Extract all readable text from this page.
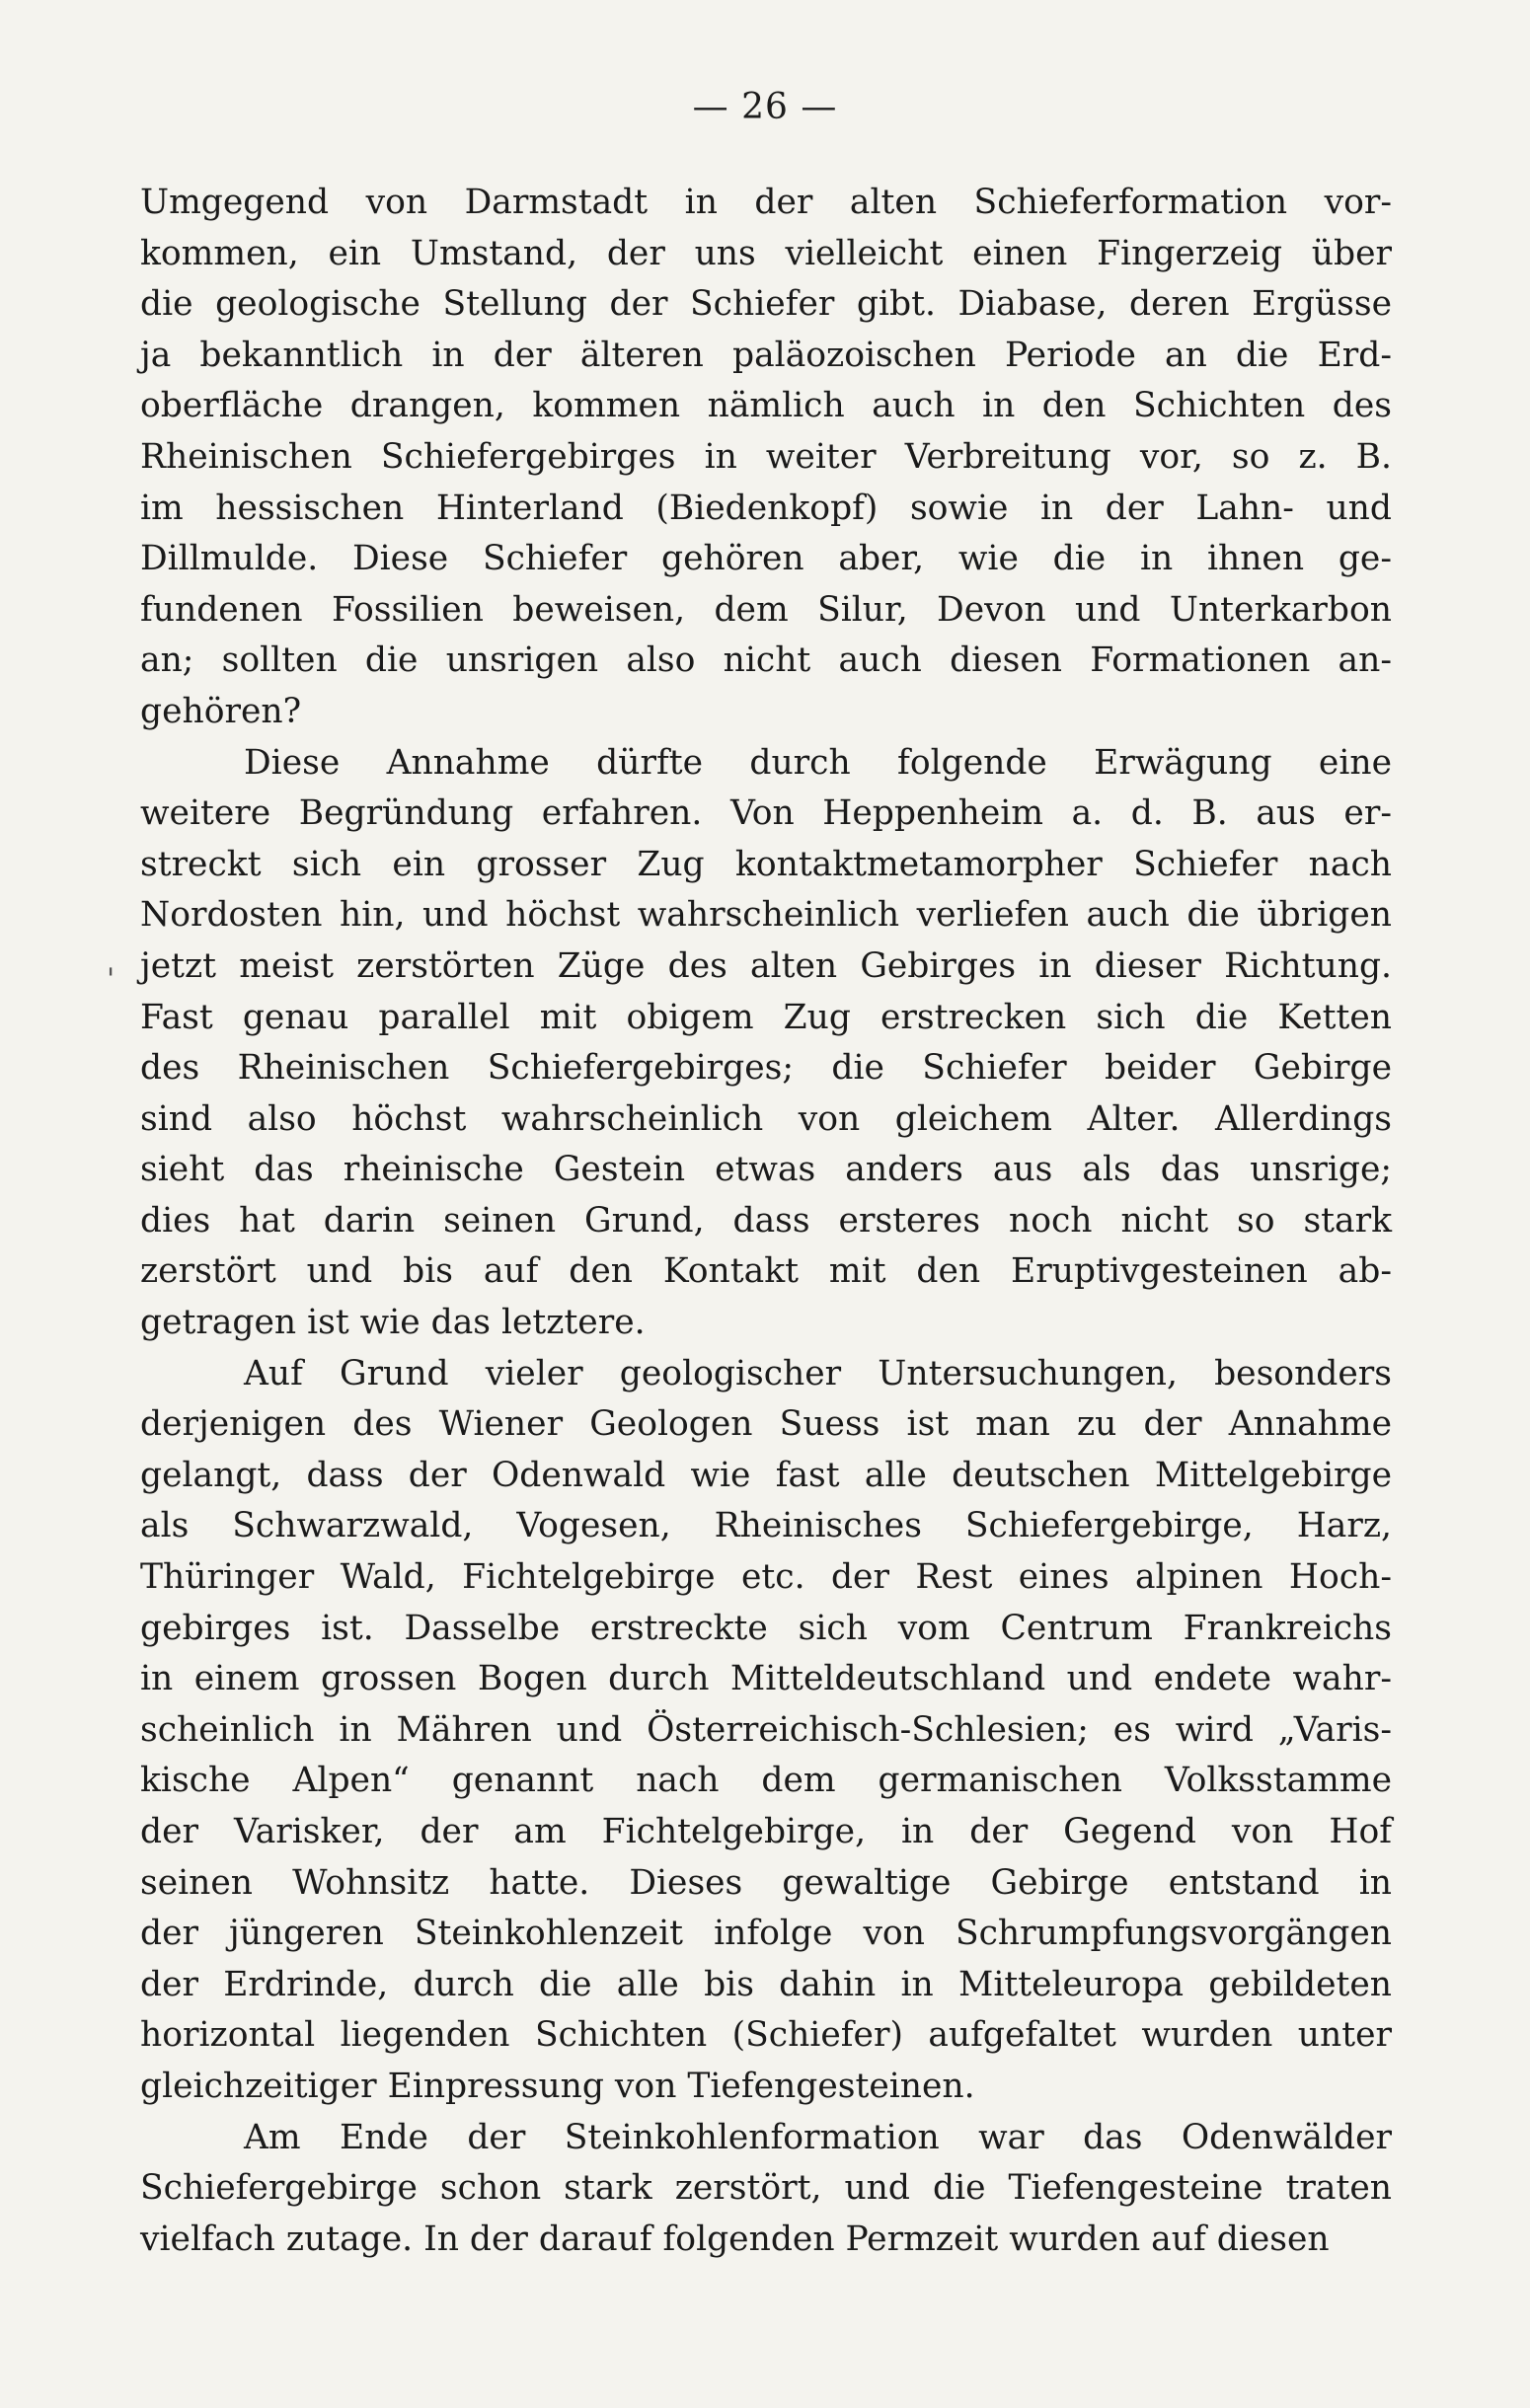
— 26 —
'
Umgegend von Darmstadt in der alten Schieferformation vor-
kommen, ein Umstand, der uns vielleicht einen Fingerzeig über
die geologische Stellung der Schiefer gibt. Diabase, deren Ergüsse
ja bekanntlich in der älteren paläozoischen Periode an die Erd-
oberfläche drangen, kommen nämlich auch in den Schichten des
Rheinischen Schiefergebirges in weiter Verbreitung vor, so z. B.
im hessischen Hinterland (Biedenkopf) sowie in der Lahn- und
Dillmulde. Diese Schiefer gehören aber, wie die in ihnen ge-
fundenen Fossilien beweisen, dem Silur, Devon und Unterkarbon
an; sollten die unsrigen also nicht auch diesen Formationen an-
gehören?
Diese Annahme dürfte durch folgende Erwägung eine
weitere Begründung erfahren. Von Heppenheim a. d. B. aus er-
streckt sich ein grosser Zug kontaktmetamorpher Schiefer nach
Nordosten hin, und höchst wahrscheinlich verliefen auch die übrigen
jetzt meist zerstörten Züge des alten Gebirges in dieser Richtung.
Fast genau parallel mit obigem Zug erstrecken sich die Ketten
des Rheinischen Schiefergebirges; die Schiefer beider Gebirge
sind also höchst wahrscheinlich von gleichem Alter. Allerdings
sieht das rheinische Gestein etwas anders aus als das unsrige;
dies hat darin seinen Grund, dass ersteres noch nicht so stark
zerstört und bis auf den Kontakt mit den Eruptivgesteinen ab-
getragen ist wie das letztere.
Auf Grund vieler geologischer Untersuchungen, besonders
derjenigen des Wiener Geologen Suess ist man zu der Annahme
gelangt, dass der Odenwald wie fast alle deutschen Mittelgebirge
als Schwarzwald, Vogesen, Rheinisches Schiefergebirge, Harz,
Thüringer Wald, Fichtelgebirge etc. der Rest eines alpinen Hoch-
gebirges ist. Dasselbe erstreckte sich vom Centrum Frankreichs
in einem grossen Bogen durch Mitteldeutschland und endete wahr-
scheinlich in Mähren und Österreichisch-Schlesien; es wird „Varis-
kische Alpen“ genannt nach dem germanischen Volksstamme
der Varisker, der am Fichtelgebirge, in der Gegend von Hof
seinen Wohnsitz hatte. Dieses gewaltige Gebirge entstand in
der jüngeren Steinkohlenzeit infolge von Schrumpfungsvorgängen
der Erdrinde, durch die alle bis dahin in Mitteleuropa gebildeten
horizontal liegenden Schichten (Schiefer) aufgefaltet wurden unter
gleichzeitiger Einpressung von Tiefengesteinen.
Am Ende der Steinkohlenformation war das Odenwälder
Schiefergebirge schon stark zerstört, und die Tiefengesteine traten
vielfach zutage. In der darauf folgenden Permzeit wurden auf diesen
